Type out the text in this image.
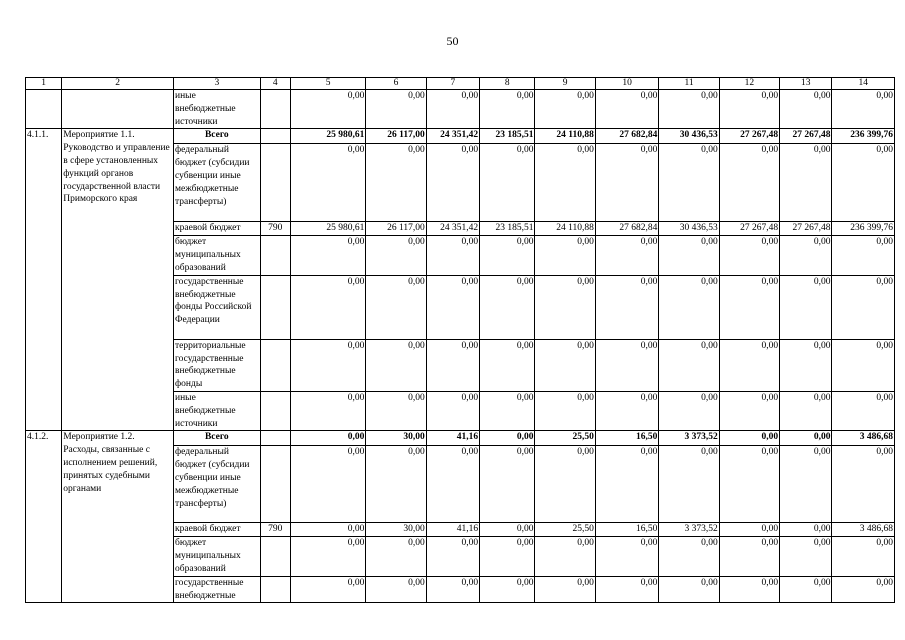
50
1	2	3	4	5	6	7	8	9	10	11	12	13	14
		иные внебюджетные источники		0,00	0,00	0,00	0,00	0,00	0,00	0,00	0,00	0,00	0,00
4.1.1.	Мероприятие 1.1. Руководство и управление в сфере установленных функций органов государственной власти Приморского края	Всего		25 980,61	26 117,00	24 351,42	23 185,51	24 110,88	27 682,84	30 436,53	27 267,48	27 267,48	236 399,76
		федеральный бюджет (субсидии субвенции иные межбюджетные трансферты)		0,00	0,00	0,00	0,00	0,00	0,00	0,00	0,00	0,00	0,00
		краевой бюджет	790	25 980,61	26 117,00	24 351,42	23 185,51	24 110,88	27 682,84	30 436,53	27 267,48	27 267,48	236 399,76
		бюджет муниципальных образований		0,00	0,00	0,00	0,00	0,00	0,00	0,00	0,00	0,00	0,00
		государственные внебюджетные фонды Российской Федерации		0,00	0,00	0,00	0,00	0,00	0,00	0,00	0,00	0,00	0,00
		территориальные государственные внебюджетные фонды		0,00	0,00	0,00	0,00	0,00	0,00	0,00	0,00	0,00	0,00
		иные внебюджетные источники		0,00	0,00	0,00	0,00	0,00	0,00	0,00	0,00	0,00	0,00
4.1.2.	Мероприятие 1.2. Расходы, связанные с исполнением решений, принятых судебными органами	Всего		0,00	30,00	41,16	0,00	25,50	16,50	3 373,52	0,00	0,00	3 486,68
		федеральный бюджет (субсидии субвенции иные межбюджетные трансферты)		0,00	0,00	0,00	0,00	0,00	0,00	0,00	0,00	0,00	0,00
		краевой бюджет	790	0,00	30,00	41,16	0,00	25,50	16,50	3 373,52	0,00	0,00	3 486,68
		бюджет муниципальных образований		0,00	0,00	0,00	0,00	0,00	0,00	0,00	0,00	0,00	0,00
		государственные внебюджетные		0,00	0,00	0,00	0,00	0,00	0,00	0,00	0,00	0,00	0,00
